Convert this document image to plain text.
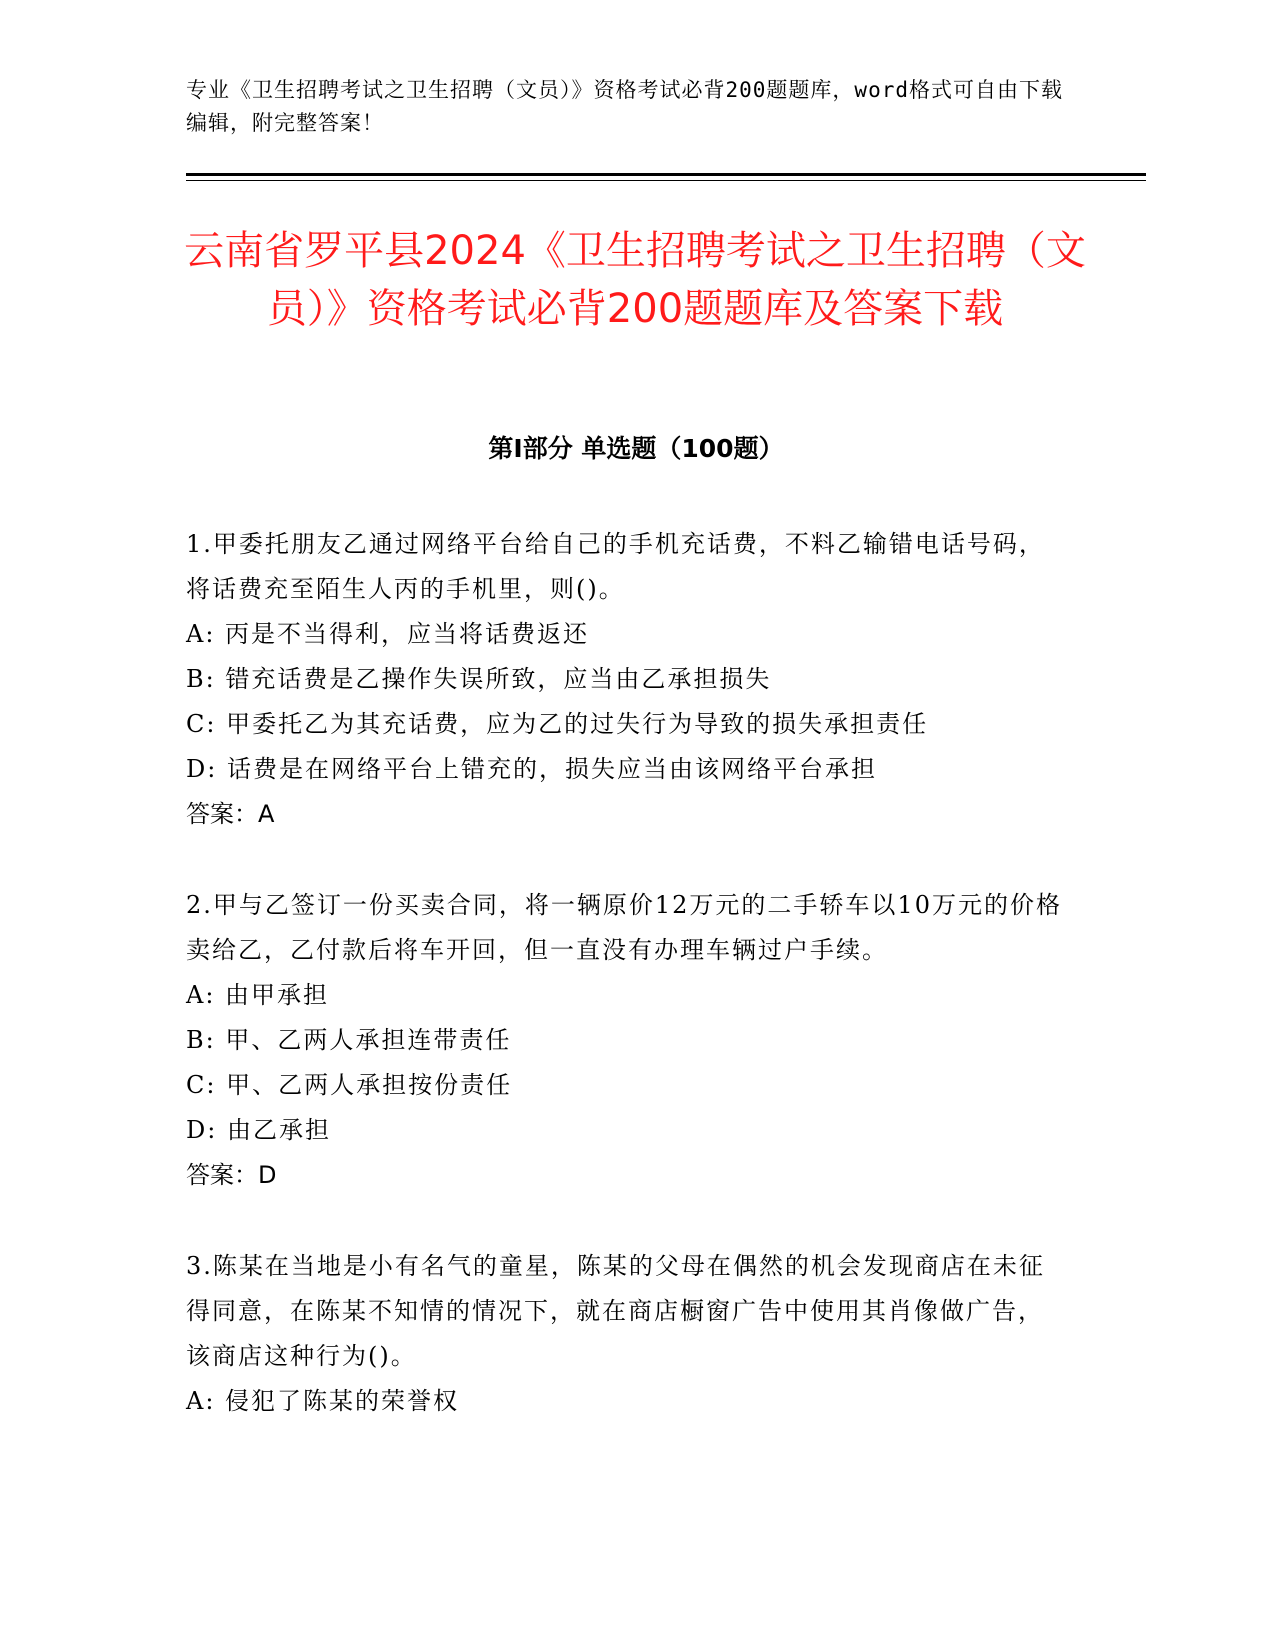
专业《卫生招聘考试之卫生招聘（文员）》资格考试必背200题题库，word格式可自由下载编辑，附完整答案！
云南省罗平县2024《卫生招聘考试之卫生招聘（文员）》资格考试必背200题题库及答案下载
第I部分 单选题（100题）

1.甲委托朋友乙通过网络平台给自己的手机充话费，不料乙输错电话号码，将话费充至陌生人丙的手机里，则()。

A: 丙是不当得利，应当将话费返还

B: 错充话费是乙操作失误所致，应当由乙承担损失

C: 甲委托乙为其充话费，应为乙的过失行为导致的损失承担责任

D: 话费是在网络平台上错充的，损失应当由该网络平台承担

答案：A

2.甲与乙签订一份买卖合同，将一辆原价12万元的二手轿车以10万元的价格卖给乙，乙付款后将车开回，但一直没有办理车辆过户手续。

A: 由甲承担

B: 甲、乙两人承担连带责任

C: 甲、乙两人承担按份责任

D: 由乙承担

答案：D

3.陈某在当地是小有名气的童星，陈某的父母在偶然的机会发现商店在未征得同意，在陈某不知情的情况下，就在商店橱窗广告中使用其肖像做广告，该商店这种行为()。

A: 侵犯了陈某的荣誉权
